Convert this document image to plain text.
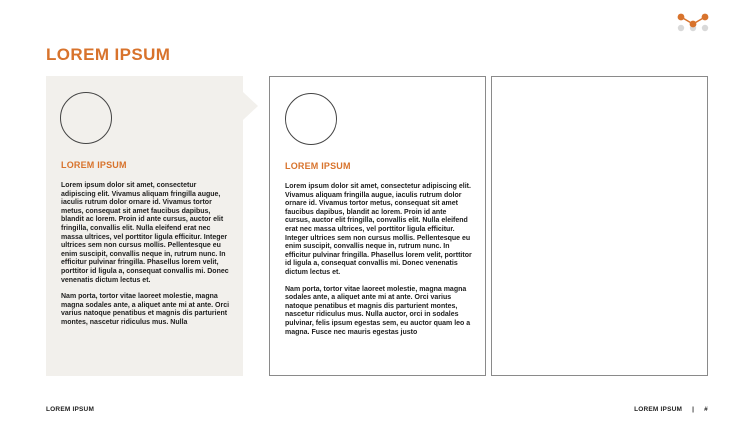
LOREM IPSUM
LOREM IPSUM

Lorem ipsum dolor sit amet, consectetur adipiscing elit. Vivamus aliquam fringilla augue, iaculis rutrum dolor ornare id. Vivamus tortor metus, consequat sit amet faucibus dapibus, blandit ac lorem. Proin id ante cursus, auctor elit fringilla, convallis elit. Nulla eleifend erat nec massa ultrices, vel porttitor ligula efficitur. Integer ultrices sem non cursus mollis. Pellentesque eu enim suscipit, convallis neque in, rutrum nunc. In efficitur pulvinar fringilla. Phasellus lorem velit, porttitor id ligula a, consequat convallis mi. Donec venenatis dictum lectus et.

Nam porta, tortor vitae laoreet molestie, magna magna sodales ante, a aliquet ante mi at ante. Orci varius natoque penatibus et magnis dis parturient montes, nascetur ridiculus mus. Nulla

LOREM IPSUM

Lorem ipsum dolor sit amet, consectetur adipiscing elit. Vivamus aliquam fringilla augue, iaculis rutrum dolor ornare id. Vivamus tortor metus, consequat sit amet faucibus dapibus, blandit ac lorem. Proin id ante cursus, auctor elit fringilla, convallis elit. Nulla eleifend erat nec massa ultrices, vel porttitor ligula efficitur. Integer ultrices sem non cursus mollis. Pellentesque eu enim suscipit, convallis neque in, rutrum nunc. In efficitur pulvinar fringilla. Phasellus lorem velit, porttitor id ligula a, consequat convallis mi. Donec venenatis dictum lectus et.

Nam porta, tortor vitae laoreet molestie, magna magna sodales ante, a aliquet ante mi at ante. Orci varius natoque penatibus et magnis dis parturient montes, nascetur ridiculus mus. Nulla auctor, orci in sodales pulvinar, felis ipsum egestas sem, eu auctor quam leo a magna. Fusce nec mauris egestas justo

LOREM IPSUM	LOREM IPSUM | #
